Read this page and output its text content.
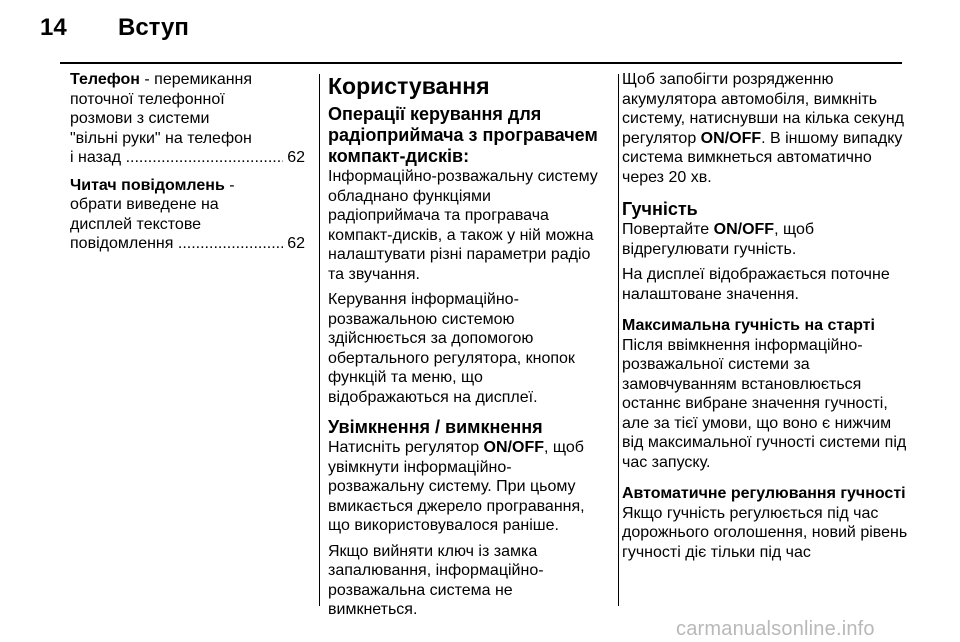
14 Вступ

Телефон - перемикання

поточної телефонної

розмови з системи

"вільні руки" на телефон

і назад
.....
	62

Читач повідомлень -

обрати виведене на

дисплей текстове

повідомлення
.....
	62

Користування
Операції керування для радіоприймача з програвачем компакт-дисків:

Інформаційно-розважальну систему обладнано функціями радіоприймача та програвача компакт-дисків, а також у ній можна налаштувати різні параметри радіо та звучання.

Керування інформаційно-розважальною системою здійснюється за допомогою обертального регулятора, кнопок функцій та меню, що відображаються на дисплеї.

Увімкнення / вимкнення

Натисніть регулятор ON/OFF, щоб увімкнути інформаційно-розважальну систему. При цьому вмикається джерело програвання, що використовувалося раніше.

Якщо вийняти ключ із замка запалювання, інформаційно-розважальна система не вимкнеться.

Щоб запобігти розрядженню акумулятора автомобіля, вимкніть систему, натиснувши на кілька секунд регулятор ON/OFF. В іншому випадку система вимкнеться автоматично через 20 хв.

Гучність

Повертайте ON/OFF, щоб відрегулювати гучність.

На дисплеї відображається поточне налаштоване значення.

Максимальна гучність на старті

Після ввімкнення інформаційно-розважальної системи за замовчуванням встановлюється останнє вибране значення гучності, але за тієї умови, що воно є нижчим від максимальної гучності системи під час запуску.

Автоматичне регулювання гучності

Якщо гучність регулюється під час дорожнього оголошення, новий рівень гучності діє тільки під час

carmanualsonline.info
